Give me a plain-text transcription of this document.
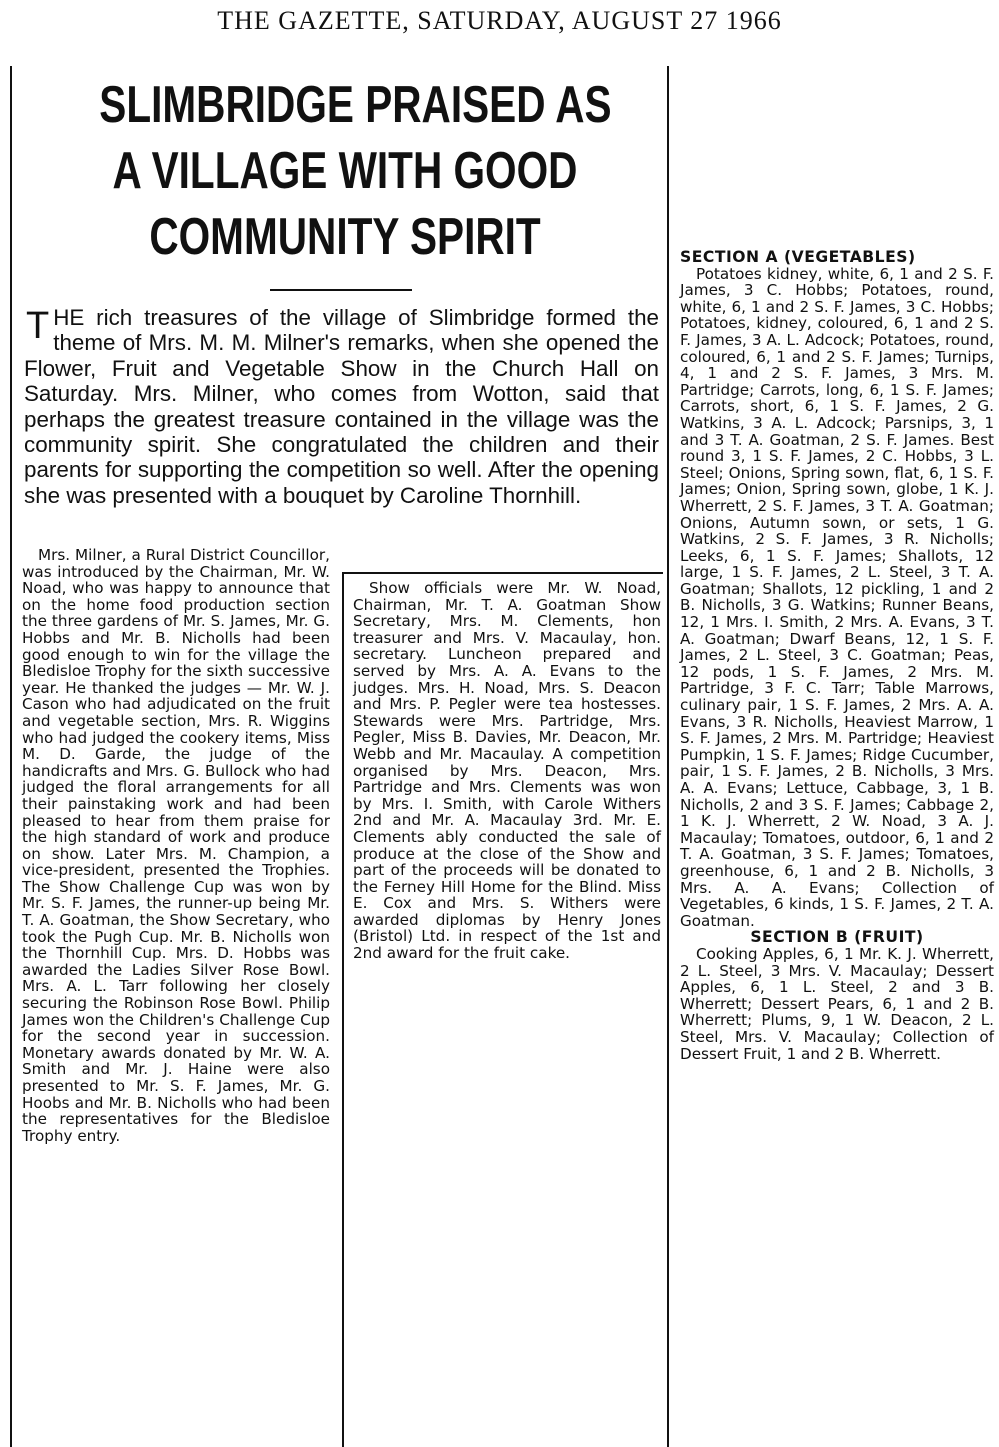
THE GAZETTE, SATURDAY, AUGUST 27 1966
SLIMBRIDGE PRAISED AS
A VILLAGE WITH GOOD
COMMUNITY SPIRIT
THE rich treasures of the village of Slimbridge formed the theme of Mrs. M. M. Milner's remarks, when she opened the Flower, Fruit and Vegetable Show in the Church Hall on Saturday. Mrs. Milner, who comes from Wotton, said that perhaps the greatest treasure contained in the village was the community spirit. She congratulated the children and their parents for supporting the competition so well. After the opening she was presented with a bouquet by Caroline Thornhill.

Mrs. Milner, a Rural District Councillor, was introduced by the Chairman, Mr. W. Noad, who was happy to announce that on the home food production section the three gardens of Mr. S. James, Mr. G. Hobbs and Mr. B. Nicholls had been good enough to win for the village the Bledisloe Trophy for the sixth successive year. He thanked the judges — Mr. W. J. Cason who had adjudicated on the fruit and vegetable section, Mrs. R. Wiggins who had judged the cookery items, Miss M. D. Garde, the judge of the handicrafts and Mrs. G. Bullock who had judged the floral arrangements for all their painstaking work and had been pleased to hear from them praise for the high standard of work and produce on show. Later Mrs. M. Champion, a vice-president, presented the Trophies. The Show Challenge Cup was won by Mr. S. F. James, the runner-up being Mr. T. A. Goatman, the Show Secretary, who took the Pugh Cup. Mr. B. Nicholls won the Thornhill Cup. Mrs. D. Hobbs was awarded the Ladies Silver Rose Bowl. Mrs. A. L. Tarr following her closely securing the Robinson Rose Bowl. Philip James won the Children's Challenge Cup for the second year in succession. Monetary awards donated by Mr. W. A. Smith and Mr. J. Haine were also presented to Mr. S. F. James, Mr. G. Hoobs and Mr. B. Nicholls who had been the representatives for the Bledisloe Trophy entry.

Show officials were Mr. W. Noad, Chairman, Mr. T. A. Goatman Show Secretary, Mrs. M. Clements, hon treasurer and Mrs. V. Macaulay, hon. secretary. Luncheon prepared and served by Mrs. A. A. Evans to the judges. Mrs. H. Noad, Mrs. S. Deacon and Mrs. P. Pegler were tea hostesses. Stewards were Mrs. Partridge, Mrs. Pegler, Miss B. Davies, Mr. Deacon, Mr. Webb and Mr. Macaulay. A competition organised by Mrs. Deacon, Mrs. Partridge and Mrs. Clements was won by Mrs. I. Smith, with Carole Withers 2nd and Mr. A. Macaulay 3rd. Mr. E. Clements ably conducted the sale of produce at the close of the Show and part of the proceeds will be donated to the Ferney Hill Home for the Blind. Miss E. Cox and Mrs. S. Withers were awarded diplomas by Henry Jones (Bristol) Ltd. in respect of the 1st and 2nd award for the fruit cake.

SECTION A (VEGETABLES)

Potatoes kidney, white, 6, 1 and 2 S. F. James, 3 C. Hobbs; Potatoes, round, white, 6, 1 and 2 S. F. James, 3 C. Hobbs; Potatoes, kidney, coloured, 6, 1 and 2 S. F. James, 3 A. L. Adcock; Potatoes, round, coloured, 6, 1 and 2 S. F. James; Turnips, 4, 1 and 2 S. F. James, 3 Mrs. M. Partridge; Carrots, long, 6, 1 S. F. James; Carrots, short, 6, 1 S. F. James, 2 G. Watkins, 3 A. L. Adcock; Parsnips, 3, 1 and 3 T. A. Goatman, 2 S. F. James. Best round 3, 1 S. F. James, 2 C. Hobbs, 3 L. Steel; Onions, Spring sown, flat, 6, 1 S. F. James; Onion, Spring sown, globe, 1 K. J. Wherrett, 2 S. F. James, 3 T. A. Goatman; Onions, Autumn sown, or sets, 1 G. Watkins, 2 S. F. James, 3 R. Nicholls; Leeks, 6, 1 S. F. James; Shallots, 12 large, 1 S. F. James, 2 L. Steel, 3 T. A. Goatman; Shallots, 12 pickling, 1 and 2 B. Nicholls, 3 G. Watkins; Runner Beans, 12, 1 Mrs. I. Smith, 2 Mrs. A. Evans, 3 T. A. Goatman; Dwarf Beans, 12, 1 S. F. James, 2 L. Steel, 3 C. Goatman; Peas, 12 pods, 1 S. F. James, 2 Mrs. M. Partridge, 3 F. C. Tarr; Table Marrows, culinary pair, 1 S. F. James, 2 Mrs. A. A. Evans, 3 R. Nicholls, Heaviest Marrow, 1 S. F. James, 2 Mrs. M. Partridge; Heaviest Pumpkin, 1 S. F. James; Ridge Cucumber, pair, 1 S. F. James, 2 B. Nicholls, 3 Mrs. A. A. Evans; Lettuce, Cabbage, 3, 1 B. Nicholls, 2 and 3 S. F. James; Cabbage 2, 1 K. J. Wherrett, 2 W. Noad, 3 A. J. Macaulay; Tomatoes, outdoor, 6, 1 and 2 T. A. Goatman, 3 S. F. James; Tomatoes, greenhouse, 6, 1 and 2 B. Nicholls, 3 Mrs. A. A. Evans; Collection of Vegetables, 6 kinds, 1 S. F. James, 2 T. A. Goatman.

SECTION B (FRUIT)

Cooking Apples, 6, 1 Mr. K. J. Wherrett, 2 L. Steel, 3 Mrs. V. Macaulay; Dessert Apples, 6, 1 L. Steel, 2 and 3 B. Wherrett; Dessert Pears, 6, 1 and 2 B. Wherrett; Plums, 9, 1 W. Deacon, 2 L. Steel, Mrs. V. Macaulay; Collection of Dessert Fruit, 1 and 2 B. Wherrett.
